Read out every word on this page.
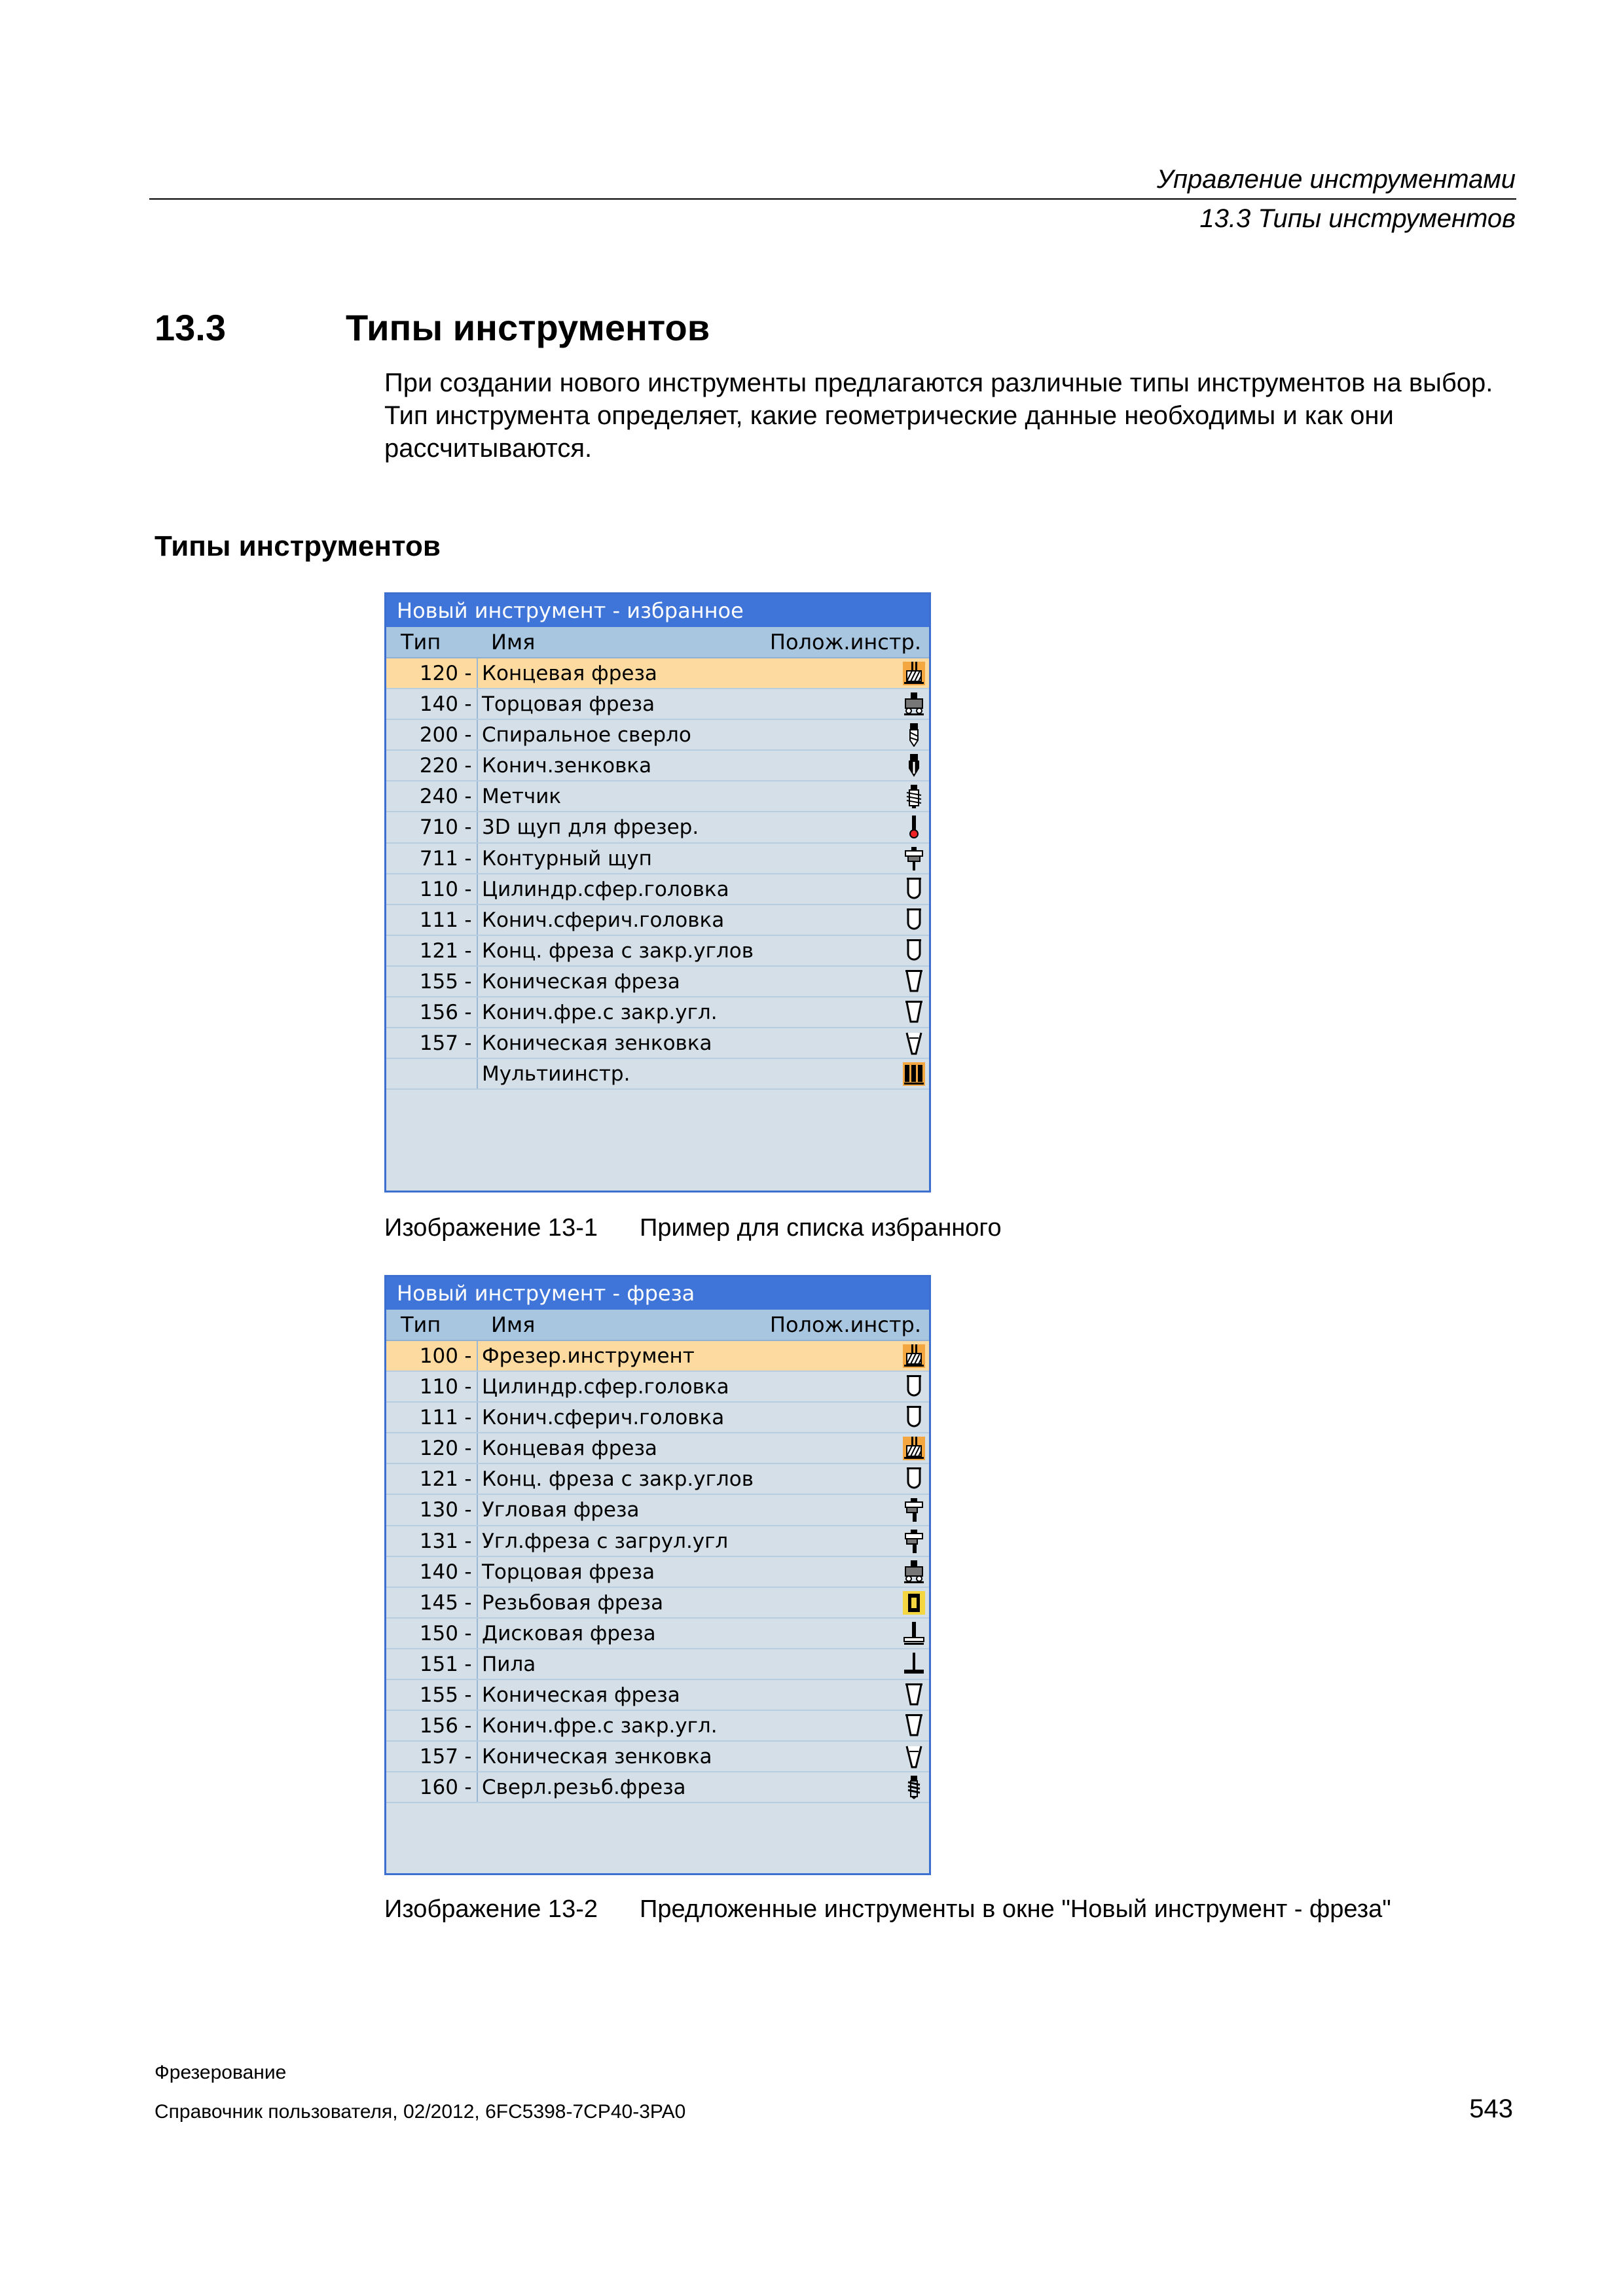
Управление инструментами
13.3 Типы инструментов
13.3	Типы инструментов
При создании нового инструменты предлагаются различные типы инструментов на выбор. Тип инструмента определяет, какие геометрические данные необходимы и как они рассчитываются.
Типы инструментов
Новый инструмент - избранное
Тип Имя	Полож.инстр.
120 - Концевая фреза
140 - Торцовая фреза
200 - Спиральное сверло
220 - Конич.зенковка
240 - Метчик
710 - 3D щуп для фрезер.
711 - Контурный щуп
110 - Цилиндр.сфер.головка
111 - Конич.сферич.головка
121 - Конц. фреза с закр.углов
155 - Коническая фреза
156 - Конич.фре.с закр.угл.
157 - Коническая зенковка
Мультиинстр.
Изображение 13-1 Пример для списка избранного
Новый инструмент - фреза
Тип Имя	Полож.инстр.
100 - Фрезер.инструмент
110 - Цилиндр.сфер.головка
111 - Конич.сферич.головка
120 - Концевая фреза
121 - Конц. фреза с закр.углов
130 - Угловая фреза
131 - Угл.фреза с загрул.угл
140 - Торцовая фреза
145 - Резьбовая фреза
150 - Дисковая фреза
151 - Пила
155 - Коническая фреза
156 - Конич.фре.с закр.угл.
157 - Коническая зенковка
160 - Сверл.резьб.фреза
Изображение 13-2 Предложенные инструменты в окне "Новый инструмент - фреза"
Фрезерование
Справочник пользователя, 02/2012, 6FC5398-7CP40-3PA0	543
